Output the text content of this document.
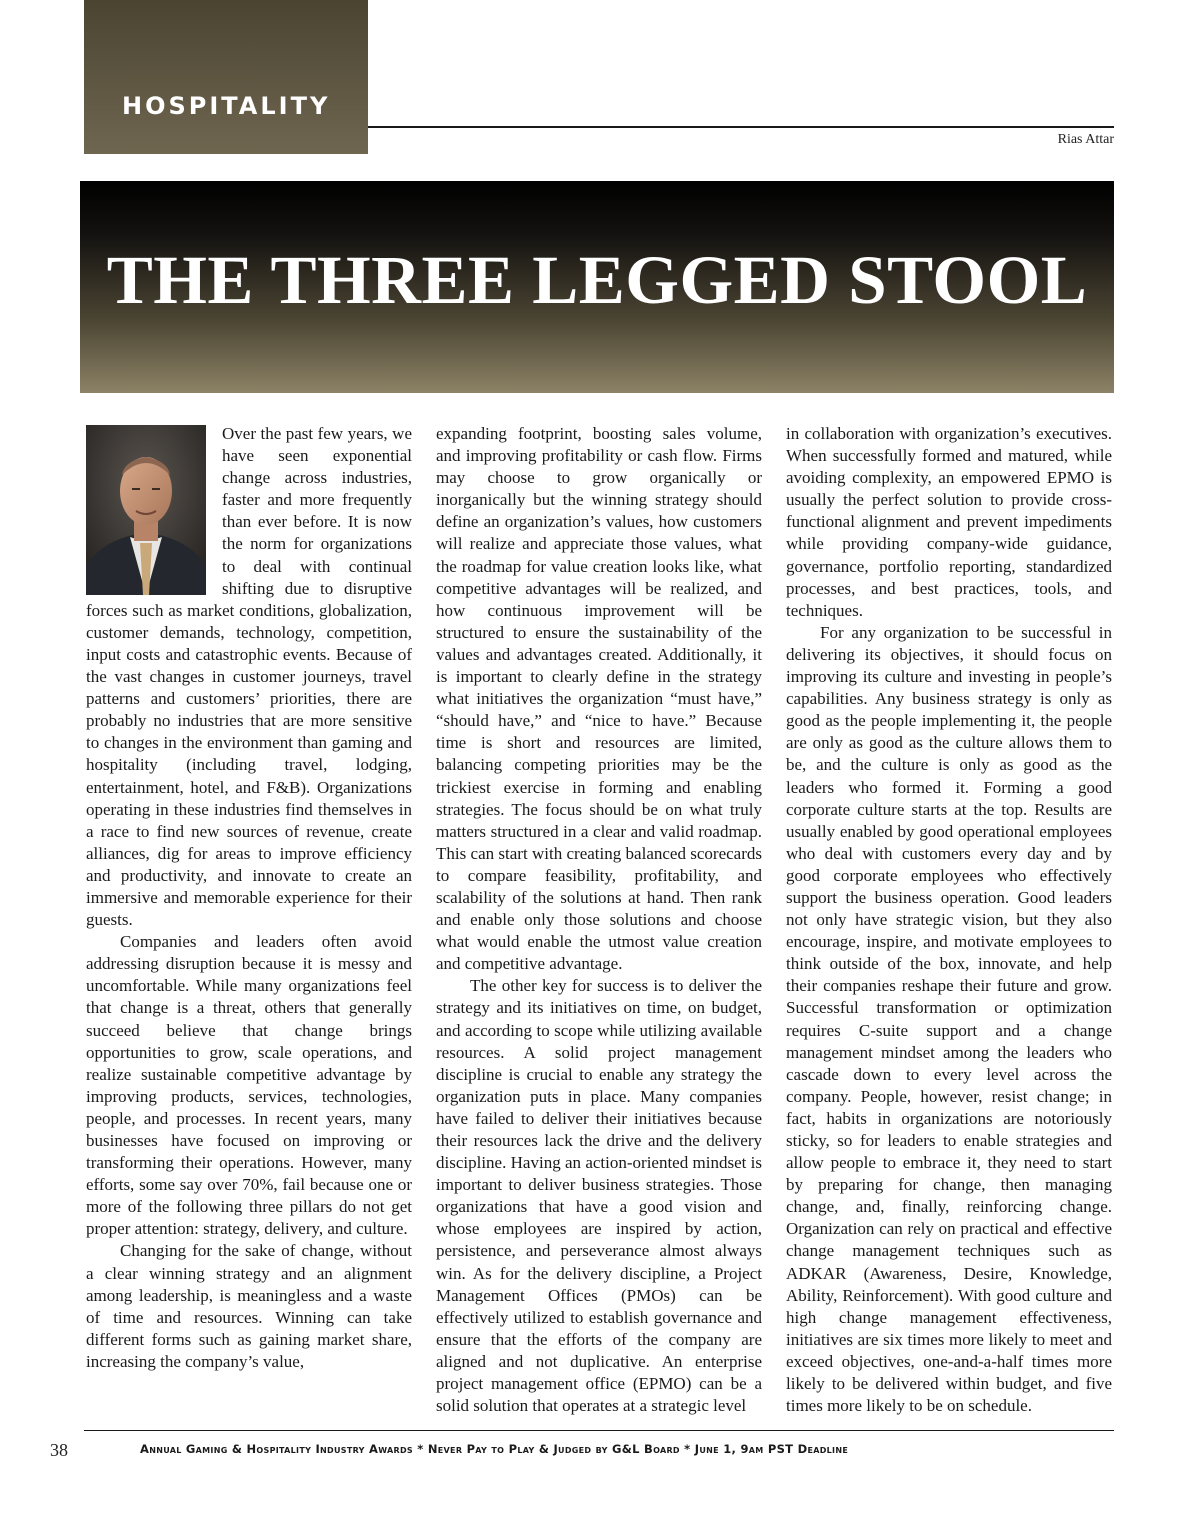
HOSPITALITY
Rias Attar
THE THREE LEGGED STOOL

Over the past few years, we have seen exponential change across industries, faster and more frequently than ever before. It is now the norm for organizations to deal with continual shifting due to disruptive forces such as market conditions, globalization, customer demands, technology, competition, input costs and catastrophic events. Because of the vast changes in customer journeys, travel patterns and customers’ priorities, there are probably no industries that are more sensitive to changes in the environment than gaming and hospitality (including travel, lodging, entertainment, hotel, and F&B). Organizations operating in these industries find themselves in a race to find new sources of revenue, create alliances, dig for areas to improve efficiency and productivity, and innovate to create an immersive and memorable experience for their guests.

Companies and leaders often avoid addressing disruption because it is messy and uncomfortable. While many organizations feel that change is a threat, others that generally succeed believe that change brings opportunities to grow, scale operations, and realize sustainable competitive advantage by improving products, services, technologies, people, and processes. In recent years, many businesses have focused on improving or transforming their operations. However, many efforts, some say over 70%, fail because one or more of the following three pillars do not get proper attention: strategy, delivery, and culture.

Changing for the sake of change, without a clear winning strategy and an alignment among leadership, is meaningless and a waste of time and resources. Winning can take different forms such as gaining market share, increasing the company’s value,

expanding footprint, boosting sales volume, and improving profitability or cash flow. Firms may choose to grow organically or inorganically but the winning strategy should define an organization’s values, how customers will realize and appreciate those values, what the roadmap for value creation looks like, what competitive advantages will be realized, and how continuous improvement will be structured to ensure the sustainability of the values and advantages created. Additionally, it is important to clearly define in the strategy what initiatives the organization “must have,” “should have,” and “nice to have.” Because time is short and resources are limited, balancing competing priorities may be the trickiest exercise in forming and enabling strategies. The focus should be on what truly matters structured in a clear and valid roadmap. This can start with creating balanced scorecards to compare feasibility, profitability, and scalability of the solutions at hand. Then rank and enable only those solutions and choose what would enable the utmost value creation and competitive advantage.

The other key for success is to deliver the strategy and its initiatives on time, on budget, and according to scope while utilizing available resources. A solid project management discipline is crucial to enable any strategy the organization puts in place. Many companies have failed to deliver their initiatives because their resources lack the drive and the delivery discipline. Having an action-oriented mindset is important to deliver business strategies. Those organizations that have a good vision and whose employees are inspired by action, persistence, and perseverance almost always win. As for the delivery discipline, a Project Management Offices (PMOs) can be effectively utilized to establish governance and ensure that the efforts of the company are aligned and not duplicative. An enterprise project management office (EPMO) can be a solid solution that operates at a strategic level

in collaboration with organization’s executives. When successfully formed and matured, while avoiding complexity, an empowered EPMO is usually the perfect solution to provide cross-functional alignment and prevent impediments while providing company-wide guidance, governance, portfolio reporting, standardized processes, and best practices, tools, and techniques.

For any organization to be successful in delivering its objectives, it should focus on improving its culture and investing in people’s capabilities. Any business strategy is only as good as the people implementing it, the people are only as good as the culture allows them to be, and the culture is only as good as the leaders who formed it. Forming a good corporate culture starts at the top. Results are usually enabled by good operational employees who deal with customers every day and by good corporate employees who effectively support the business operation. Good leaders not only have strategic vision, but they also encourage, inspire, and motivate employees to think outside of the box, innovate, and help their companies reshape their future and grow. Successful transformation or optimization requires C-suite support and a change management mindset among the leaders who cascade down to every level across the company. People, however, resist change; in fact, habits in organizations are notoriously sticky, so for leaders to enable strategies and allow people to embrace it, they need to start by preparing for change, then managing change, and, finally, reinforcing change. Organization can rely on practical and effective change management techniques such as ADKAR (Awareness, Desire, Knowledge, Ability, Reinforcement). With good culture and high change management effectiveness, initiatives are six times more likely to meet and exceed objectives, one-and-a-half times more likely to be delivered within budget, and five times more likely to be on schedule.

38	Annual Gaming & Hospitality Industry Awards * Never Pay to Play & Judged by G&L Board * June 1, 9am PST Deadline
